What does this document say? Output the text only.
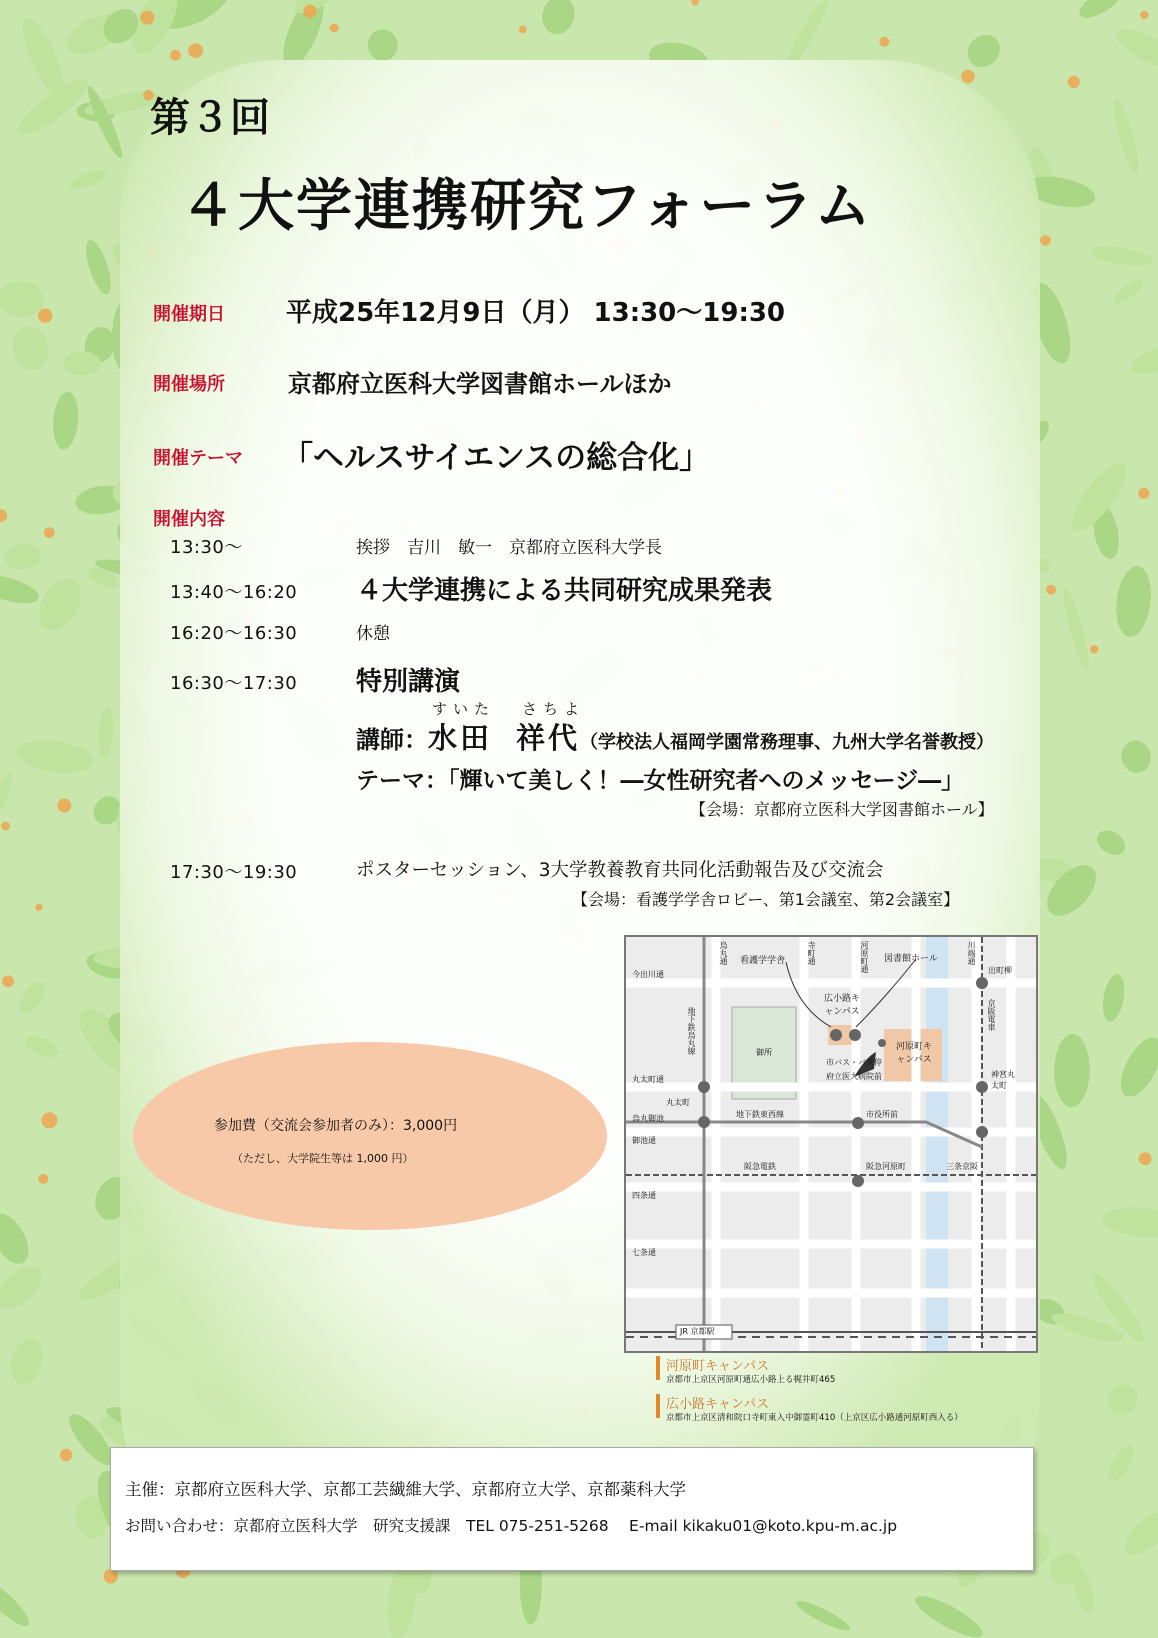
第３回
４大学連携研究フォーラム
開催期日 平成25年12月9日（月） 13:30～19:30
開催場所	京都府立医科大学図書館ホールほか
開催テーマ 「ヘルスサイエンスの総合化」
開催内容
13:30～	挨拶　吉川　敏一　京都府立医科大学長
13:40～16:20 ４大学連携による共同研究成果発表
16:20～16:30	休憩
16:30～17:30 特別講演
すいた さちよ
講師：水田 祥代（学校法人福岡学園常務理事、九州大学名誉教授）
テーマ：「輝いて美しく！―女性研究者へのメッセージ―」
【会場：京都府立医科大学図書館ホール】
17:30～19:30	ポスターセッション、3大学教養教育共同化活動報告及び交流会
【会場：看護学学舎ロビー、第1会議室、第2会議室】
参加費（交流会参加者のみ）：3,000円
（ただし、大学院生等は 1,000 円）
今出川通
丸太町通
烏丸御池
御池通
四条通
七条通
地下鉄烏丸線
烏丸通	寺町通	河原町通	川端通
京阪電車
出町柳
神宮丸太町
丸太町
地下鉄東西線	市役所前
阪急電鉄	阪急河原町	三条京阪
JR 京都駅
看護学学舎	図書館ホール
広小路キャンパス
河原町キャンパス
御所
市バス・バス停
府立医大病院前
河原町キャンパス
京都市上京区河原町通広小路上る梶井町465
広小路キャンパス
京都市上京区清和院口寺町東入中御霊町410（上京区広小路通河原町西入る）
主催：京都府立医科大学、京都工芸繊維大学、京都府立大学、京都薬科大学
お問い合わせ：京都府立医科大学　研究支援課　TEL 075-251-5268　 E-mail kikaku01@koto.kpu-m.ac.jp
